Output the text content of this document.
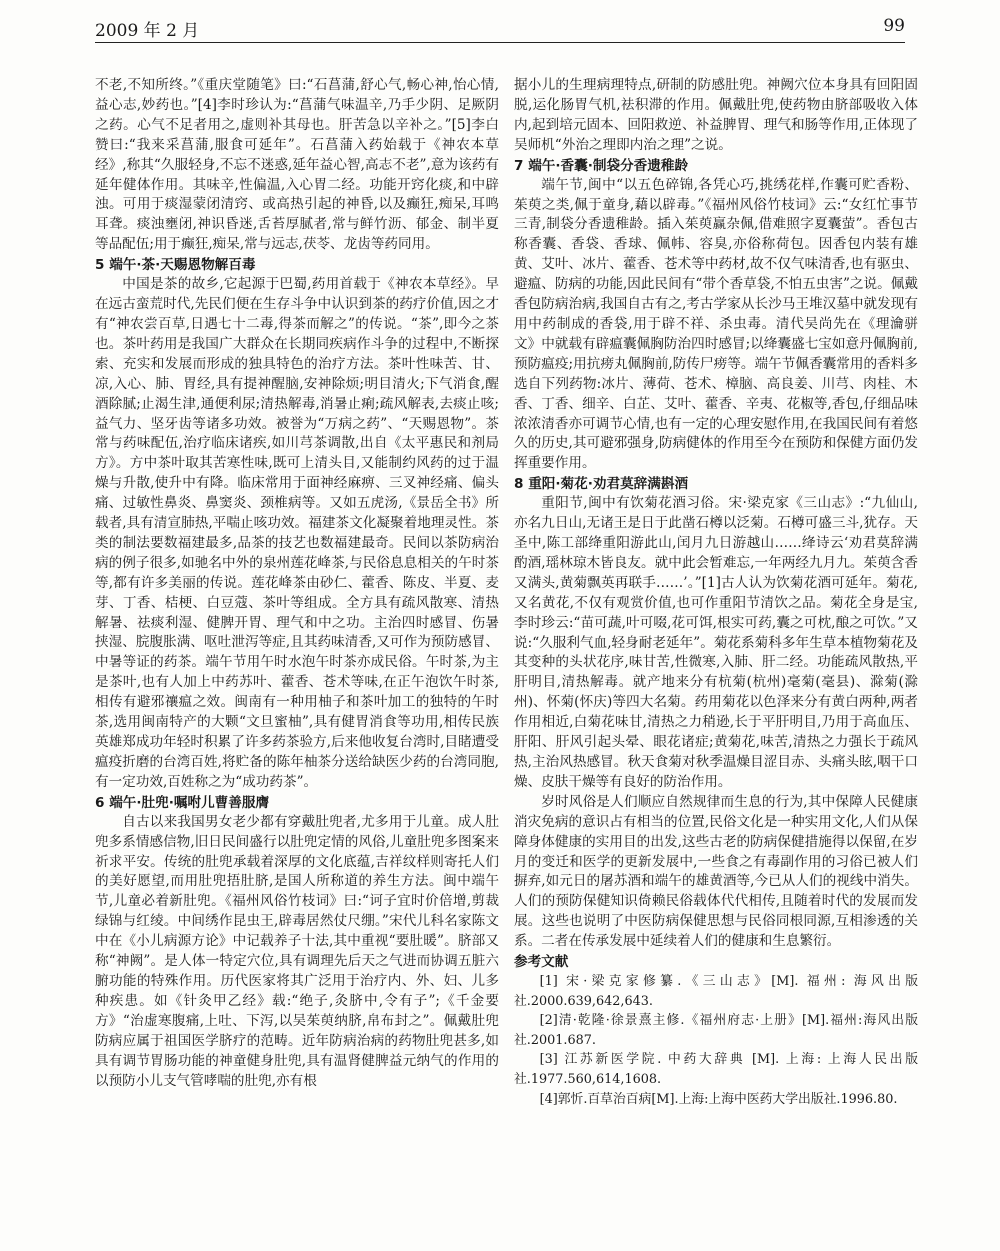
2009 年 2 月	99

不老,不知所终。”《重庆堂随笔》曰:“石菖蒲,舒心气,畅心神,怡心情,益心志,妙药也。”[4]李时珍认为:“菖蒲气味温辛,乃手少阴、足厥阴之药。心气不足者用之,虚则补其母也。肝苦急以辛补之。”[5]李白赞曰:“我来采菖蒲,服食可延年”。石菖蒲入药始载于《神农本草经》,称其“久服轻身,不忘不迷惑,延年益心智,高志不老”,意为该药有延年健体作用。其味辛,性偏温,入心胃二经。功能开窍化痰,和中辟浊。可用于痰湿蒙闭清窍、或高热引起的神昏,以及癫狂,痴呆,耳鸣耳聋。痰浊壅闭,神识昏迷,舌苔厚腻者,常与鲜竹沥、郁金、制半夏等品配伍;用于癫狂,痴呆,常与远志,茯苓、龙齿等药同用。

5 端午·茶·天赐恩物解百毒

中国是茶的故乡,它起源于巴蜀,药用首载于《神农本草经》。早在远古蛮荒时代,先民们便在生存斗争中认识到茶的药疗价值,因之才有“神农尝百草,日遇七十二毒,得茶而解之”的传说。“茶”,即今之茶也。茶叶药用是我国广大群众在长期同疾病作斗争的过程中,不断探索、充实和发展而形成的独具特色的治疗方法。茶叶性味苦、甘、凉,入心、肺、胃经,具有提神醒脑,安神除烦;明目清火;下气消食,醒酒除腻;止渴生津,通便利尿;清热解毒,消暑止痢;疏风解表,去痰止咳;益气力、坚牙齿等诸多功效。被誉为“万病之药”、“天赐恩物”。茶常与药味配伍,治疗临床诸疾,如川芎茶调散,出自《太平惠民和剂局方》。方中茶叶取其苦寒性味,既可上清头目,又能制约风药的过于温燥与升散,使升中有降。临床常用于面神经麻痹、三叉神经痛、偏头痛、过敏性鼻炎、鼻窦炎、颈椎病等。又如五虎汤,《景岳全书》所载者,具有清宣肺热,平喘止咳功效。福建茶文化凝聚着地理灵性。茶类的制法要数福建最多,品茶的技艺也数福建最奇。民间以茶防病治病的例子很多,如驰名中外的泉州莲花峰茶,与民俗息息相关的午时茶等,都有许多美丽的传说。莲花峰茶由砂仁、藿香、陈皮、半夏、麦芽、丁香、桔梗、白豆蔻、茶叶等组成。全方具有疏风散寒、清热解暑、祛痰利湿、健脾开胃、理气和中之功。主治四时感冒、伤暑挟湿、脘腹胀满、呕吐泄泻等症,且其药味清香,又可作为预防感冒、中暑等证的药茶。端午节用午时水泡午时茶亦成民俗。午时茶,为主是茶叶,也有人加上中药苏叶、藿香、苍术等味,在正午泡饮午时茶,相传有避邪禳瘟之效。闽南有一种用柚子和茶叶加工的独特的午时茶,选用闽南特产的大颗“文旦蜜柚”,具有健胃消食等功用,相传民族英雄郑成功年轻时积累了许多药茶验方,后来他收复台湾时,目睹遭受瘟疫折磨的台湾百姓,将贮备的陈年柚茶分送给缺医少药的台湾同胞,有一定功效,百姓称之为“成功药茶”。

6 端午·肚兜·嘱咐儿曹善服膺

自古以来我国男女老少都有穿戴肚兜者,尤多用于儿童。成人肚兜多系情感信物,旧日民间盛行以肚兜定情的风俗,儿童肚兜多图案来祈求平安。传统的肚兜承载着深厚的文化底蕴,吉祥纹样则寄托人们的美好愿望,而用肚兜捂肚脐,是国人所称道的养生方法。闽中端午节,儿童必着新肚兜。《福州风俗竹枝词》曰:“诃子宜时价倍增,剪裁绿锦与红绫。中间绣作昆虫王,辟毒居然仗尺绷。”宋代儿科名家陈文中在《小儿病源方论》中记载养子十法,其中重视“要肚暖”。脐部又称“神阙”。是人体一特定穴位,具有调理先后天之气进而协调五脏六腑功能的特殊作用。历代医家将其广泛用于治疗内、外、妇、儿多种疾患。如《针灸甲乙经》载:“绝子,灸脐中,令有子”;《千金要方》“治虚寒腹痛,上吐、下泻,以吴茱萸纳脐,帛布封之”。佩戴肚兜防病应属于祖国医学脐疗的范畴。近年防病治病的药物肚兜甚多,如具有调节胃肠功能的神童健身肚兜,具有温肾健脾益元纳气的作用的以预防小儿支气管哮喘的肚兜,亦有根

据小儿的生理病理特点,研制的防感肚兜。神阙穴位本身具有回阳固脱,运化肠胃气机,祛积滞的作用。佩戴肚兜,使药物由脐部吸收入体内,起到培元固本、回阳救逆、补益脾胃、理气和肠等作用,正体现了吴师机“外治之理即内治之理”之说。

7 端午·香囊·制袋分香遗稚龄

端午节,闽中“以五色碎锦,各凭心巧,挑绣花样,作囊可贮香粉、茱萸之类,佩于童身,藉以辟毒。”《福州风俗竹枝词》云:“女红忙事节三青,制袋分香遗稚龄。插入茱萸赢杂佩,借难照字夏囊萤”。香包古称香囊、香袋、香球、佩帏、容臭,亦俗称荷包。因香包内装有雄黄、艾叶、冰片、藿香、苍术等中药材,故不仅气味清香,也有驱虫、避瘟、防病的功能,因此民间有“带个香草袋,不怕五虫害”之说。佩戴香包防病治病,我国自古有之,考古学家从长沙马王堆汉墓中就发现有用中药制成的香袋,用于辟不祥、杀虫毒。清代吴尚先在《理瀹骈文》中就载有辟瘟囊佩胸防治四时感冒;以绛囊盛七宝如意丹佩胸前,预防瘟疫;用抗痨丸佩胸前,防传尸痨等。端午节佩香囊常用的香料多选自下列药物:冰片、薄荷、苍术、樟脑、高良姜、川芎、肉桂、木香、丁香、细辛、白芷、艾叶、藿香、辛夷、花椒等,香包,仔细品味浓浓清香亦可调节心情,也有一定的心理安慰作用,在我国民间有着悠久的历史,其可避邪强身,防病健体的作用至今在预防和保健方面仍发挥重要作用。

8 重阳·菊花·劝君莫辞满斟酒

重阳节,闽中有饮菊花酒习俗。宋·梁克家《三山志》:“九仙山,亦名九日山,无诸王是日于此凿石樽以泛菊。石樽可盛三斗,犹存。天圣中,陈工部绛重阳游此山,闰月九日游越山……绛诗云‘劝君莫辞满酌酒,瑶林琼木皆良友。就中此会暂难忘,一年两经九月九。茱萸含香又满头,黄菊飘英再联手……’。”[1]古人认为饮菊花酒可延年。菊花,又名黄花,不仅有观赏价值,也可作重阳节清饮之品。菊花全身是宝,李时珍云:“苗可蔬,叶可啜,花可饵,根实可药,囊之可枕,酿之可饮。”又说:“久服利气血,轻身耐老延年”。菊花系菊科多年生草本植物菊花及其变种的头状花序,味甘苦,性微寒,入肺、肝二经。功能疏风散热,平肝明目,清热解毒。就产地来分有杭菊(杭州)毫菊(毫县)、滁菊(滁州)、怀菊(怀庆)等四大名菊。药用菊花以色泽来分有黄白两种,两者作用相近,白菊花味甘,清热之力稍逊,长于平肝明目,乃用于高血压、肝阳、肝风引起头晕、眼花诸症;黄菊花,味苦,清热之力强长于疏风热,主治风热感冒。秋天食菊对秋季温燥目涩目赤、头痛头眩,咽干口燥、皮肤干燥等有良好的防治作用。

岁时风俗是人们顺应自然规律而生息的行为,其中保障人民健康消灾免病的意识占有相当的位置,民俗文化是一种实用文化,人们从保障身体健康的实用目的出发,这些古老的防病保健措施得以保留,在岁月的变迁和医学的更新发展中,一些食之有毒副作用的习俗已被人们摒弃,如元日的屠苏酒和端午的雄黄酒等,今已从人们的视线中消失。人们的预防保健知识倚赖民俗载体代代相传,且随着时代的发展而发展。这些也说明了中医防病保健思想与民俗同根同源,互相渗透的关系。二者在传承发展中延续着人们的健康和生息繁衍。

参考文献

[1] 宋·梁克家修纂.《三山志》[M]. 福州: 海风出版社.2000.639,642,643.

[2]清·乾隆·徐景熹主修.《福州府志·上册》[M].福州:海风出版社.2001.687.

[3] 江苏新医学院. 中药大辞典 [M]. 上海: 上海人民出版社.1977.560,614,1608.

[4]郭忻.百草治百病[M].上海:上海中医药大学出版社.1996.80.
